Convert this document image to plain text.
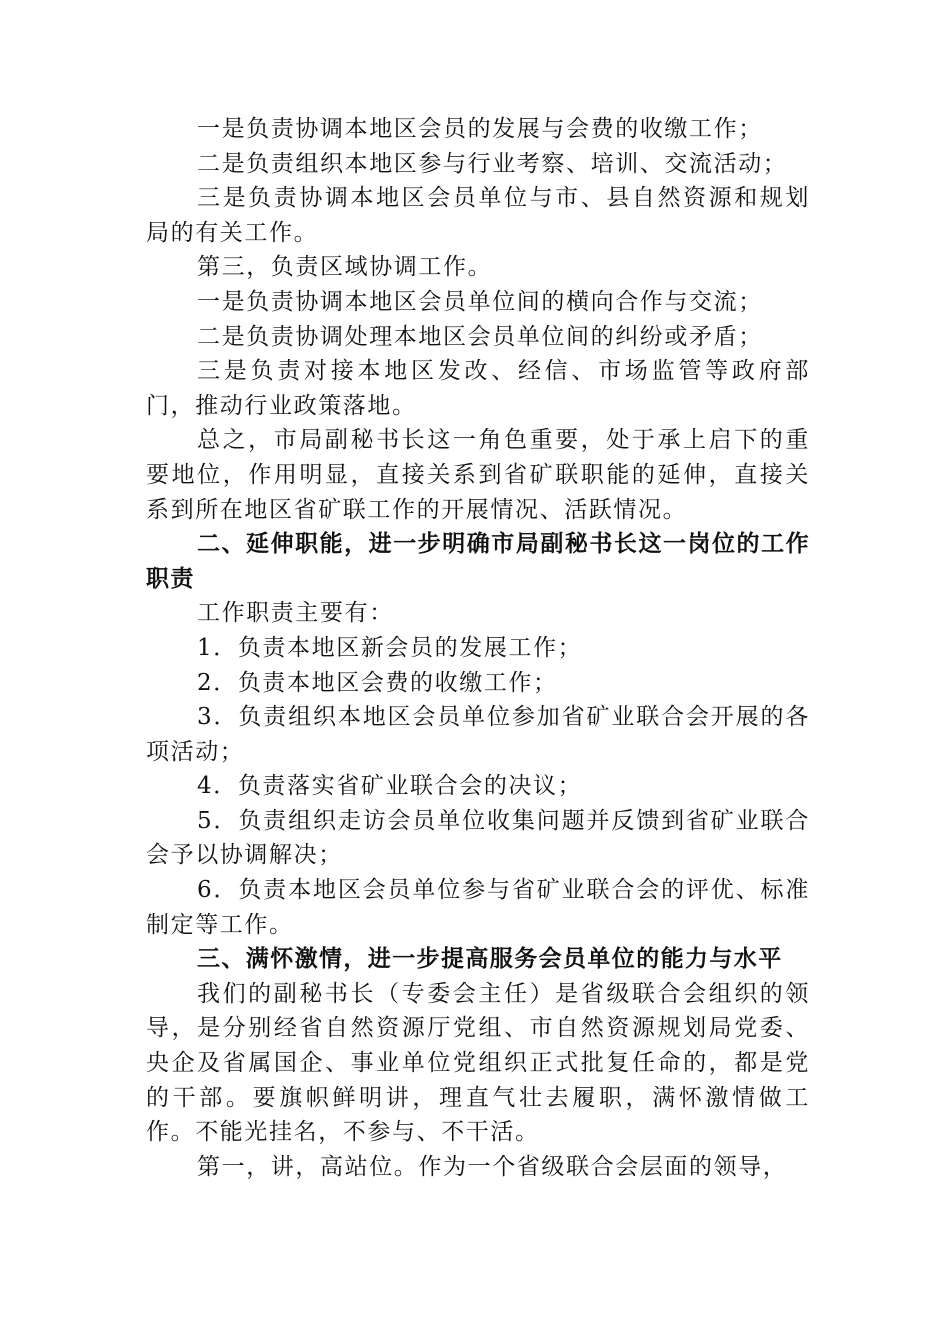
一是负责协调本地区会员的发展与会费的收缴工作；

二是负责组织本地区参与行业考察、培训、交流活动；

三是负责协调本地区会员单位与市、县自然资源和规划局的有关工作。

第三，负责区域协调工作。

一是负责协调本地区会员单位间的横向合作与交流；

二是负责协调处理本地区会员单位间的纠纷或矛盾；

三是负责对接本地区发改、经信、市场监管等政府部门，推动行业政策落地。

总之，市局副秘书长这一角色重要，处于承上启下的重要地位，作用明显，直接关系到省矿联职能的延伸，直接关系到所在地区省矿联工作的开展情况、活跃情况。

二、延伸职能，进一步明确市局副秘书长这一岗位的工作职责

工作职责主要有：

1．负责本地区新会员的发展工作；

2．负责本地区会费的收缴工作；

3．负责组织本地区会员单位参加省矿业联合会开展的各项活动；

4．负责落实省矿业联合会的决议；

5．负责组织走访会员单位收集问题并反馈到省矿业联合会予以协调解决；

6．负责本地区会员单位参与省矿业联合会的评优、标准制定等工作。

三、满怀激情，进一步提高服务会员单位的能力与水平

我们的副秘书长（专委会主任）是省级联合会组织的领导，是分别经省自然资源厅党组、市自然资源规划局党委、央企及省属国企、事业单位党组织正式批复任命的，都是党的干部。要旗帜鲜明讲，理直气壮去履职，满怀激情做工作。不能光挂名，不参与、不干活。

第一，讲，高站位。作为一个省级联合会层面的领导，
